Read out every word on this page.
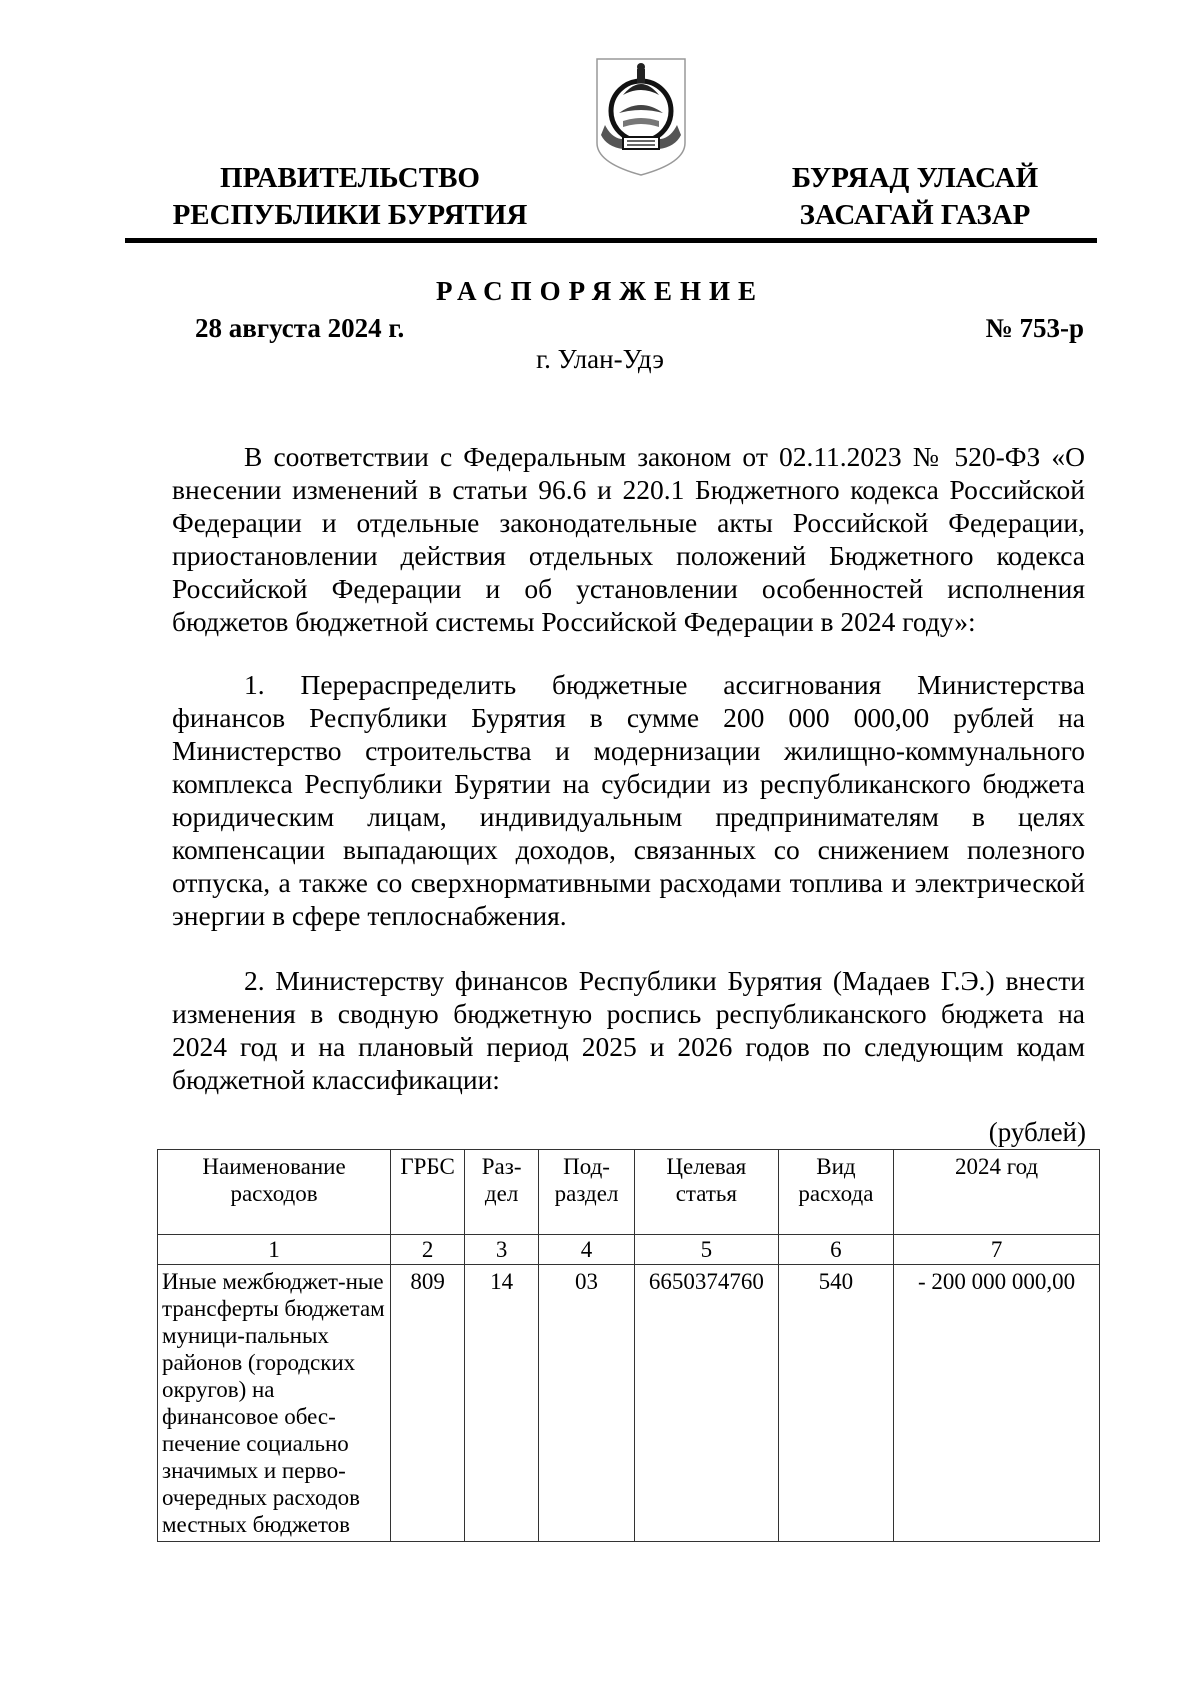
ПРАВИТЕЛЬСТВО
РЕСПУБЛИКИ БУРЯТИЯ
БУРЯАД УЛАСАЙ
ЗАСАГАЙ ГАЗАР
РАСПОРЯЖЕНИЕ
28 августа 2024 г.	№ 753-р
г. Улан-Удэ

В соответствии с Федеральным законом от 02.11.2023 № 520-ФЗ «О внесении изменений в статьи 96.6 и 220.1 Бюджетного кодекса Российской Федерации и отдельные законодательные акты Российской Федерации, приостановлении действия отдельных положений Бюджетного кодекса Российской Федерации и об установлении особенностей исполнения бюджетов бюджетной системы Российской Федерации в 2024 году»:

1. Перераспределить бюджетные ассигнования Министерства финансов Республики Бурятия в сумме 200 000 000,00 рублей на Министерство строительства и модернизации жилищно-коммунального комплекса Республики Бурятии на субсидии из республиканского бюджета юридическим лицам, индивидуальным предпринимателям в целях компенсации выпадающих доходов, связанных со снижением полезного отпуска, а также со сверхнормативными расходами топлива и электрической энергии в сфере теплоснабжения.

2. Министерству финансов Республики Бурятия (Мадаев Г.Э.) внести изменения в сводную бюджетную роспись республиканского бюджета на 2024 год и на плановый период 2025 и 2026 годов по следующим кодам бюджетной классификации:

(рублей)
Наименование расходов	ГРБС	Раз-дел	Под-раздел	Целевая статья	Вид расхода	2024 год
1	2	3	4	5	6	7
Иные межбюджет-ные трансферты бюджетам муници-пальных районов (городских округов) на финансовое обес-печение социально значимых и перво-очередных расходов местных бюджетов	809	14	03	6650374760	540	- 200 000 000,00
